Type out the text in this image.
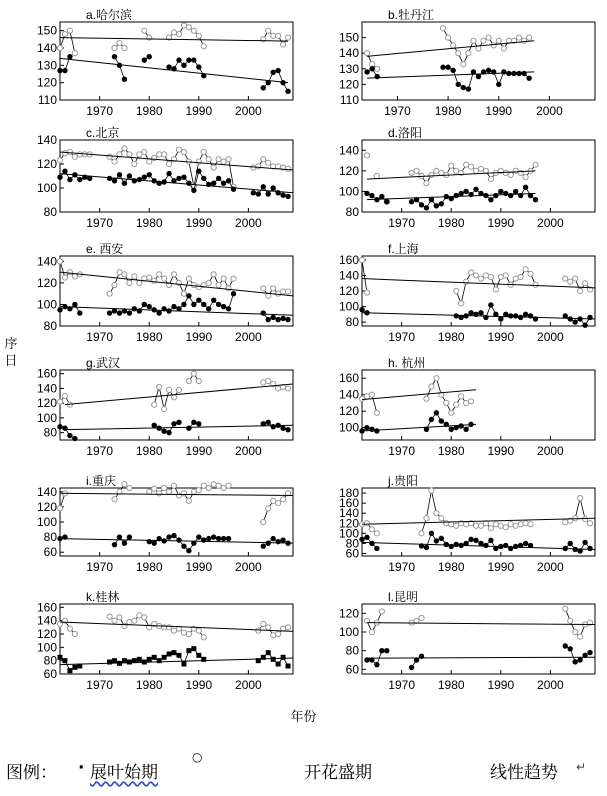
a.哈尔滨
110
120
130
140
150
1970 1980 1990 2000
b.牡丹江
110
120
130
140
150
1970 1980 1990 2000
c.北京
80
100
120
140
1970 1980 1990 2000
d.洛阳
80
100
120
140
1970 1980 1990 2000
e. 西安
80
100
120
140
1970 1980 1990 2000
f.上海
80
100
120
140
160
1970 1980 1990 2000
g.武汉
80
100
120
140
160
1970 1980 1990 2000
h. 杭州
100
120
140
160
1970 1980 1990 2000
i.重庆
60
80
100
120
140
1970 1980 1990 2000
j.贵阳
60
80
100
120
140
160
180
1970 1980 1990 2000
k.桂林
60
80
100
120
140
160
1970 1980 1990 2000
l.昆明
60
80
100
120
1970 1980 1990 2000
序日
年份
图例： · 展叶始期
○
开花盛期	线性趋势 ↵
